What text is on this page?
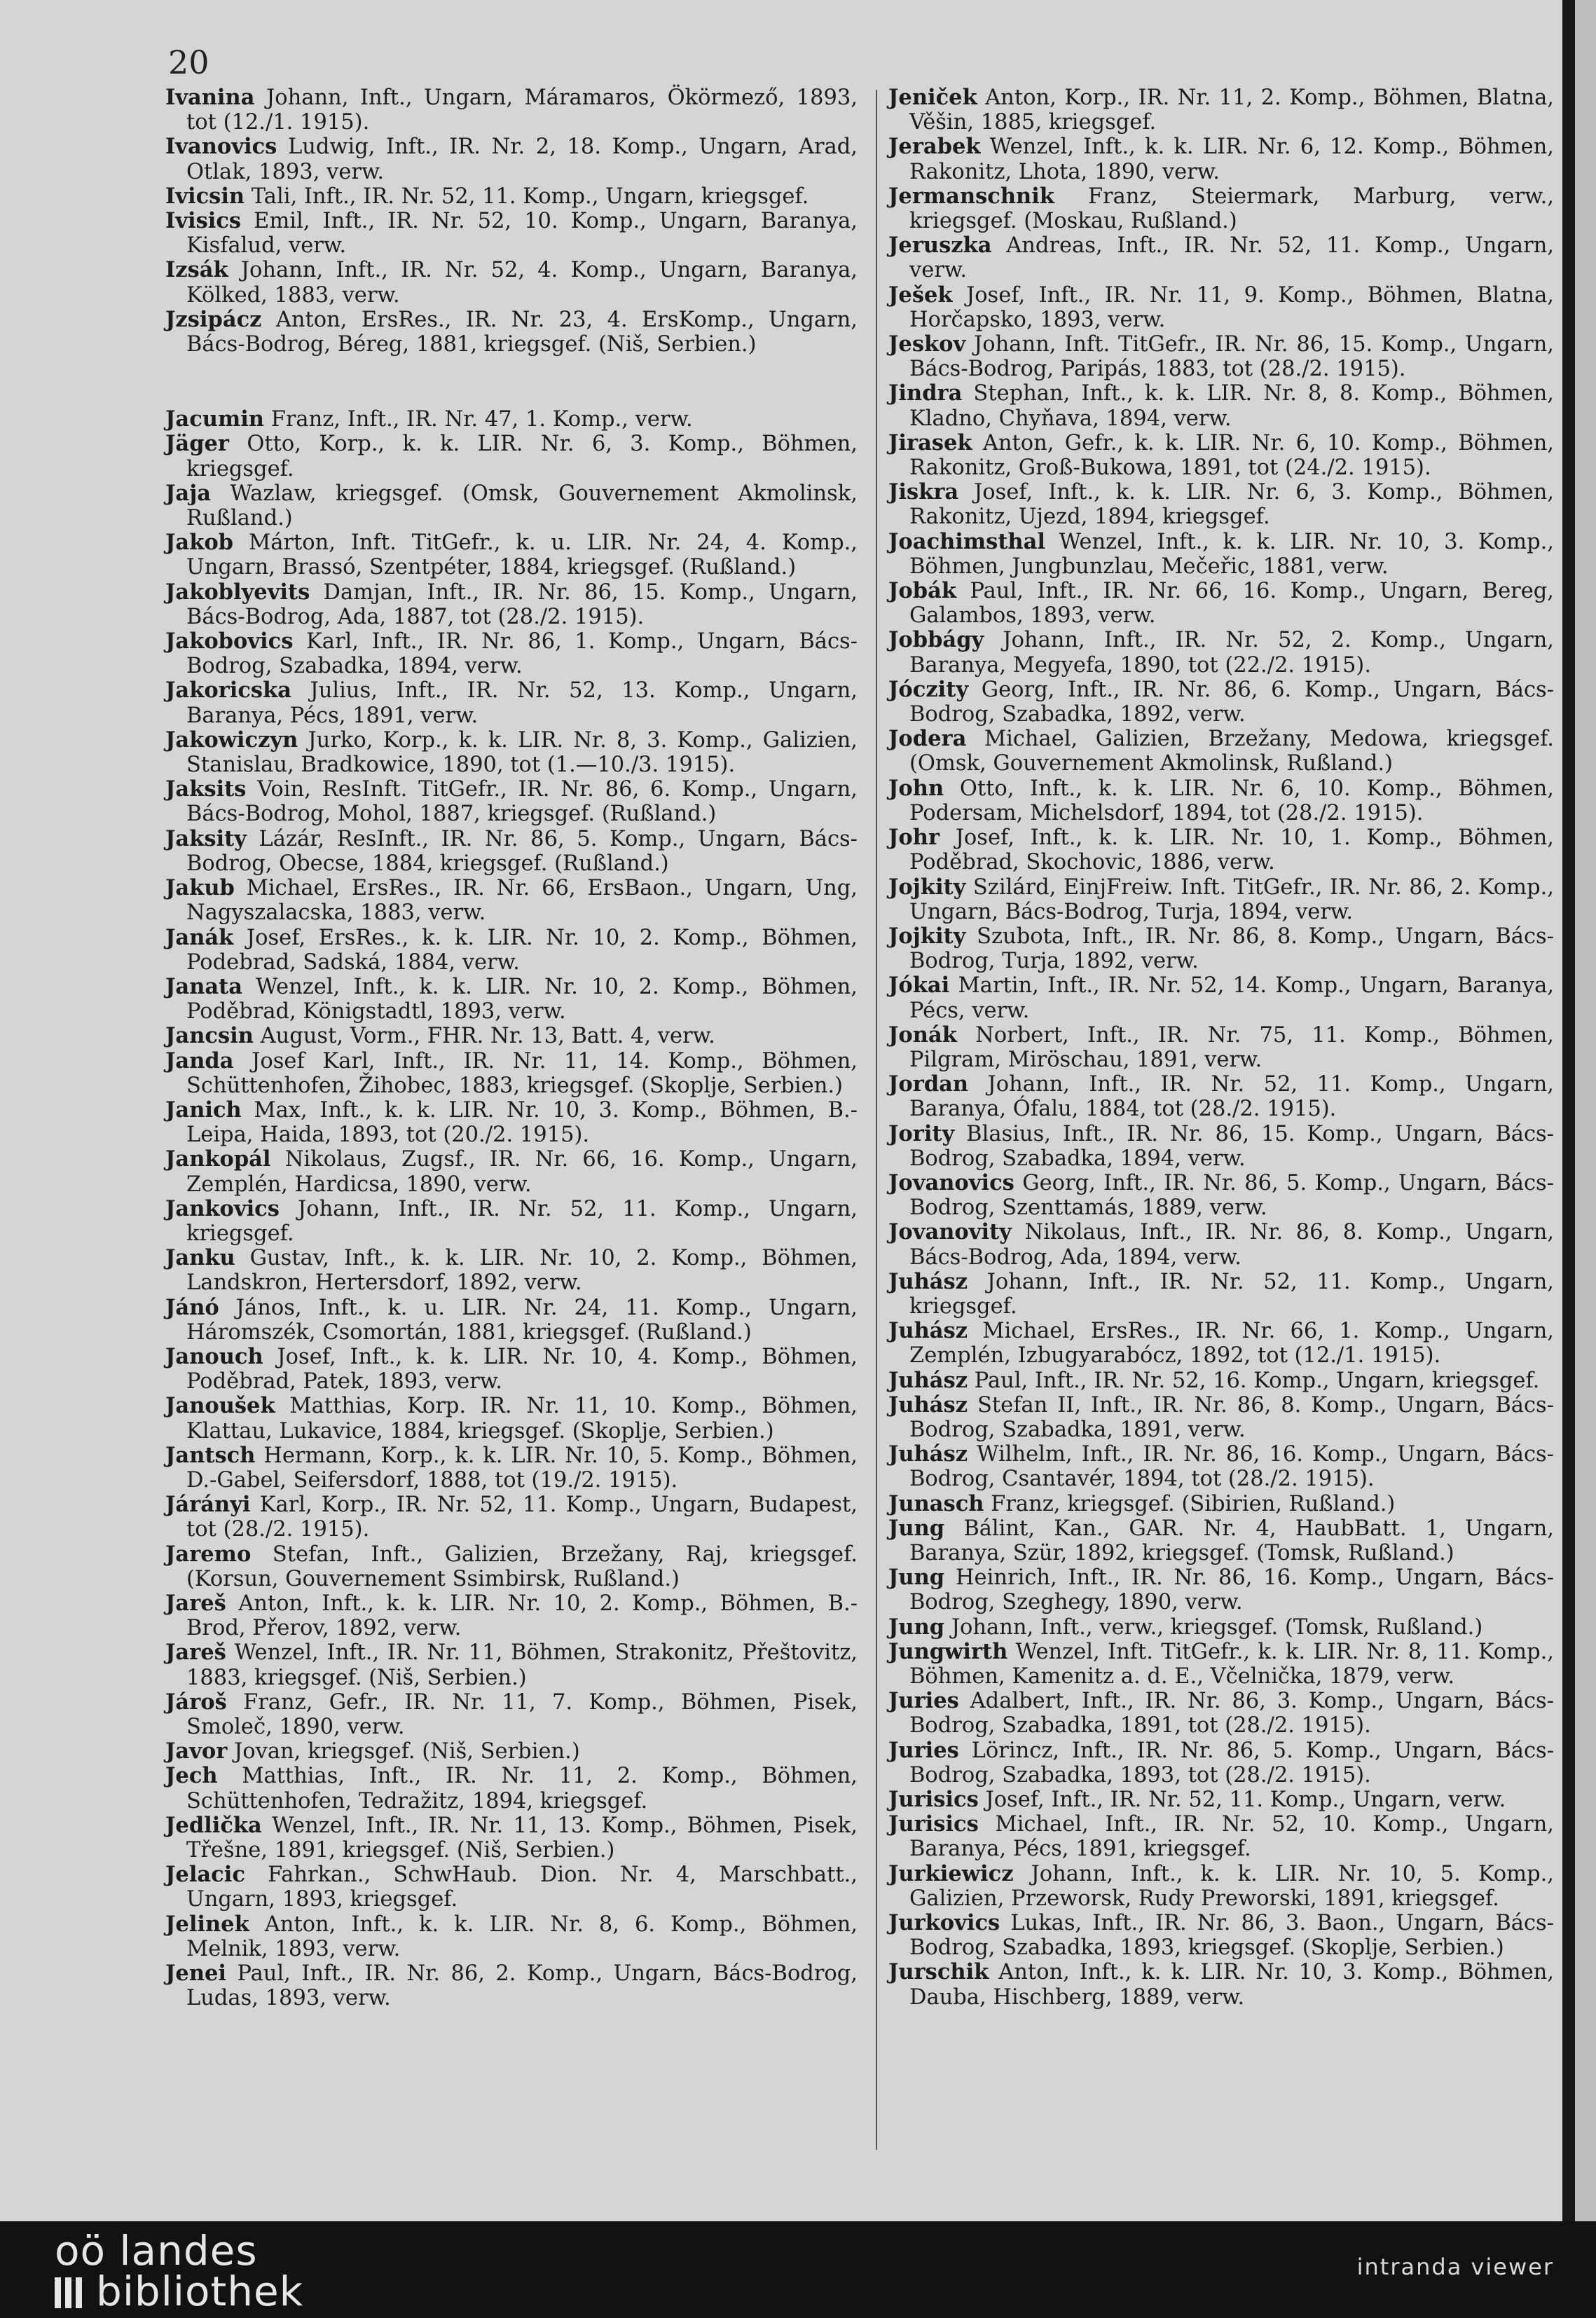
20

Ivanina Johann, Inft., Ungarn, Máramaros, Ökörmező, 1893, tot (12./1. 1915).

Ivanovics Ludwig, Inft., IR. Nr. 2, 18. Komp., Ungarn, Arad, Otlak, 1893, verw.

Ivicsin Tali, Inft., IR. Nr. 52, 11. Komp., Ungarn, kriegsgef.

Ivisics Emil, Inft., IR. Nr. 52, 10. Komp., Ungarn, Baranya, Kisfalud, verw.

Izsák Johann, Inft., IR. Nr. 52, 4. Komp., Ungarn, Baranya, Kölked, 1883, verw.

Jzsipácz Anton, ErsRes., IR. Nr. 23, 4. ErsKomp., Ungarn, Bács-Bodrog, Béreg, 1881, kriegsgef. (Niš, Serbien.)

Jacumin Franz, Inft., IR. Nr. 47, 1. Komp., verw.

Jäger Otto, Korp., k. k. LIR. Nr. 6, 3. Komp., Böhmen, kriegsgef.

Jaja Wazlaw, kriegsgef. (Omsk, Gouvernement Akmolinsk, Rußland.)

Jakob Márton, Inft. TitGefr., k. u. LIR. Nr. 24, 4. Komp., Ungarn, Brassó, Szentpéter, 1884, kriegsgef. (Rußland.)

Jakoblyevits Damjan, Inft., IR. Nr. 86, 15. Komp., Ungarn, Bács-Bodrog, Ada, 1887, tot (28./2. 1915).

Jakobovics Karl, Inft., IR. Nr. 86, 1. Komp., Ungarn, Bács-Bodrog, Szabadka, 1894, verw.

Jakoricska Julius, Inft., IR. Nr. 52, 13. Komp., Ungarn, Baranya, Pécs, 1891, verw.

Jakowiczyn Jurko, Korp., k. k. LIR. Nr. 8, 3. Komp., Galizien, Stanislau, Bradkowice, 1890, tot (1.—10./3. 1915).

Jaksits Voin, ResInft. TitGefr., IR. Nr. 86, 6. Komp., Ungarn, Bács-Bodrog, Mohol, 1887, kriegsgef. (Rußland.)

Jaksity Lázár, ResInft., IR. Nr. 86, 5. Komp., Ungarn, Bács-Bodrog, Obecse, 1884, kriegsgef. (Rußland.)

Jakub Michael, ErsRes., IR. Nr. 66, ErsBaon., Ungarn, Ung, Nagyszalacska, 1883, verw.

Janák Josef, ErsRes., k. k. LIR. Nr. 10, 2. Komp., Böhmen, Podebrad, Sadská, 1884, verw.

Janata Wenzel, Inft., k. k. LIR. Nr. 10, 2. Komp., Böhmen, Poděbrad, Königstadtl, 1893, verw.

Jancsin August, Vorm., FHR. Nr. 13, Batt. 4, verw.

Janda Josef Karl, Inft., IR. Nr. 11, 14. Komp., Böhmen, Schüttenhofen, Žihobec, 1883, kriegsgef. (Skoplje, Serbien.)

Janich Max, Inft., k. k. LIR. Nr. 10, 3. Komp., Böhmen, B.-Leipa, Haida, 1893, tot (20./2. 1915).

Jankopál Nikolaus, Zugsf., IR. Nr. 66, 16. Komp., Ungarn, Zemplén, Hardicsa, 1890, verw.

Jankovics Johann, Inft., IR. Nr. 52, 11. Komp., Ungarn, kriegsgef.

Janku Gustav, Inft., k. k. LIR. Nr. 10, 2. Komp., Böhmen, Landskron, Hertersdorf, 1892, verw.

Jánó János, Inft., k. u. LIR. Nr. 24, 11. Komp., Ungarn, Háromszék, Csomortán, 1881, kriegsgef. (Rußland.)

Janouch Josef, Inft., k. k. LIR. Nr. 10, 4. Komp., Böhmen, Poděbrad, Patek, 1893, verw.

Janoušek Matthias, Korp. IR. Nr. 11, 10. Komp., Böhmen, Klattau, Lukavice, 1884, kriegsgef. (Skoplje, Serbien.)

Jantsch Hermann, Korp., k. k. LIR. Nr. 10, 5. Komp., Böhmen, D.-Gabel, Seifersdorf, 1888, tot (19./2. 1915).

Járányi Karl, Korp., IR. Nr. 52, 11. Komp., Ungarn, Budapest, tot (28./2. 1915).

Jaremo Stefan, Inft., Galizien, Brzežany, Raj, kriegsgef. (Korsun, Gouvernement Ssimbirsk, Rußland.)

Jareš Anton, Inft., k. k. LIR. Nr. 10, 2. Komp., Böhmen, B.-Brod, Přerov, 1892, verw.

Jareš Wenzel, Inft., IR. Nr. 11, Böhmen, Strakonitz, Přeštovitz, 1883, kriegsgef. (Niš, Serbien.)

Jároš Franz, Gefr., IR. Nr. 11, 7. Komp., Böhmen, Pisek, Smoleč, 1890, verw.

Javor Jovan, kriegsgef. (Niš, Serbien.)

Jech Matthias, Inft., IR. Nr. 11, 2. Komp., Böhmen, Schüttenhofen, Tedražitz, 1894, kriegsgef.

Jedlička Wenzel, Inft., IR. Nr. 11, 13. Komp., Böhmen, Pisek, Třešne, 1891, kriegsgef. (Niš, Serbien.)

Jelacic Fahrkan., SchwHaub. Dion. Nr. 4, Marschbatt., Ungarn, 1893, kriegsgef.

Jelinek Anton, Inft., k. k. LIR. Nr. 8, 6. Komp., Böhmen, Melnik, 1893, verw.

Jenei Paul, Inft., IR. Nr. 86, 2. Komp., Ungarn, Bács-Bodrog, Ludas, 1893, verw.

Jeniček Anton, Korp., IR. Nr. 11, 2. Komp., Böhmen, Blatna, Věšin, 1885, kriegsgef.

Jerabek Wenzel, Inft., k. k. LIR. Nr. 6, 12. Komp., Böhmen, Rakonitz, Lhota, 1890, verw.

Jermanschnik Franz, Steiermark, Marburg, verw., kriegsgef. (Moskau, Rußland.)

Jeruszka Andreas, Inft., IR. Nr. 52, 11. Komp., Ungarn, verw.

Ješek Josef, Inft., IR. Nr. 11, 9. Komp., Böhmen, Blatna, Horčapsko, 1893, verw.

Jeskov Johann, Inft. TitGefr., IR. Nr. 86, 15. Komp., Ungarn, Bács-Bodrog, Paripás, 1883, tot (28./2. 1915).

Jindra Stephan, Inft., k. k. LIR. Nr. 8, 8. Komp., Böhmen, Kladno, Chyňava, 1894, verw.

Jirasek Anton, Gefr., k. k. LIR. Nr. 6, 10. Komp., Böhmen, Rakonitz, Groß-Bukowa, 1891, tot (24./2. 1915).

Jiskra Josef, Inft., k. k. LIR. Nr. 6, 3. Komp., Böhmen, Rakonitz, Ujezd, 1894, kriegsgef.

Joachimsthal Wenzel, Inft., k. k. LIR. Nr. 10, 3. Komp., Böhmen, Jungbunzlau, Mečeřic, 1881, verw.

Jobák Paul, Inft., IR. Nr. 66, 16. Komp., Ungarn, Bereg, Galambos, 1893, verw.

Jobbágy Johann, Inft., IR. Nr. 52, 2. Komp., Ungarn, Baranya, Megyefa, 1890, tot (22./2. 1915).

Jóczity Georg, Inft., IR. Nr. 86, 6. Komp., Ungarn, Bács-Bodrog, Szabadka, 1892, verw.

Jodera Michael, Galizien, Brzežany, Medowa, kriegsgef. (Omsk, Gouvernement Akmolinsk, Rußland.)

John Otto, Inft., k. k. LIR. Nr. 6, 10. Komp., Böhmen, Podersam, Michelsdorf, 1894, tot (28./2. 1915).

Johr Josef, Inft., k. k. LIR. Nr. 10, 1. Komp., Böhmen, Poděbrad, Skochovic, 1886, verw.

Jojkity Szilárd, EinjFreiw. Inft. TitGefr., IR. Nr. 86, 2. Komp., Ungarn, Bács-Bodrog, Turja, 1894, verw.

Jojkity Szubota, Inft., IR. Nr. 86, 8. Komp., Ungarn, Bács-Bodrog, Turja, 1892, verw.

Jókai Martin, Inft., IR. Nr. 52, 14. Komp., Ungarn, Baranya, Pécs, verw.

Jonák Norbert, Inft., IR. Nr. 75, 11. Komp., Böhmen, Pilgram, Miröschau, 1891, verw.

Jordan Johann, Inft., IR. Nr. 52, 11. Komp., Ungarn, Baranya, Ófalu, 1884, tot (28./2. 1915).

Jority Blasius, Inft., IR. Nr. 86, 15. Komp., Ungarn, Bács-Bodrog, Szabadka, 1894, verw.

Jovanovics Georg, Inft., IR. Nr. 86, 5. Komp., Ungarn, Bács-Bodrog, Szenttamás, 1889, verw.

Jovanovity Nikolaus, Inft., IR. Nr. 86, 8. Komp., Ungarn, Bács-Bodrog, Ada, 1894, verw.

Juhász Johann, Inft., IR. Nr. 52, 11. Komp., Ungarn, kriegsgef.

Juhász Michael, ErsRes., IR. Nr. 66, 1. Komp., Ungarn, Zemplén, Izbugyarabócz, 1892, tot (12./1. 1915).

Juhász Paul, Inft., IR. Nr. 52, 16. Komp., Ungarn, kriegsgef.

Juhász Stefan II, Inft., IR. Nr. 86, 8. Komp., Ungarn, Bács-Bodrog, Szabadka, 1891, verw.

Juhász Wilhelm, Inft., IR. Nr. 86, 16. Komp., Ungarn, Bács-Bodrog, Csantavér, 1894, tot (28./2. 1915).

Junasch Franz, kriegsgef. (Sibirien, Rußland.)

Jung Bálint, Kan., GAR. Nr. 4, HaubBatt. 1, Ungarn, Baranya, Szür, 1892, kriegsgef. (Tomsk, Rußland.)

Jung Heinrich, Inft., IR. Nr. 86, 16. Komp., Ungarn, Bács-Bodrog, Szeghegy, 1890, verw.

Jung Johann, Inft., verw., kriegsgef. (Tomsk, Rußland.)

Jungwirth Wenzel, Inft. TitGefr., k. k. LIR. Nr. 8, 11. Komp., Böhmen, Kamenitz a. d. E., Včelnička, 1879, verw.

Juries Adalbert, Inft., IR. Nr. 86, 3. Komp., Ungarn, Bács-Bodrog, Szabadka, 1891, tot (28./2. 1915).

Juries Lörincz, Inft., IR. Nr. 86, 5. Komp., Ungarn, Bács-Bodrog, Szabadka, 1893, tot (28./2. 1915).

Jurisics Josef, Inft., IR. Nr. 52, 11. Komp., Ungarn, verw.

Jurisics Michael, Inft., IR. Nr. 52, 10. Komp., Ungarn, Baranya, Pécs, 1891, kriegsgef.

Jurkiewicz Johann, Inft., k. k. LIR. Nr. 10, 5. Komp., Galizien, Przeworsk, Rudy Preworski, 1891, kriegsgef.

Jurkovics Lukas, Inft., IR. Nr. 86, 3. Baon., Ungarn, Bács-Bodrog, Szabadka, 1893, kriegsgef. (Skoplje, Serbien.)

Jurschik Anton, Inft., k. k. LIR. Nr. 10, 3. Komp., Böhmen, Dauba, Hischberg, 1889, verw.

oö landes
bibliothek
intranda viewer
